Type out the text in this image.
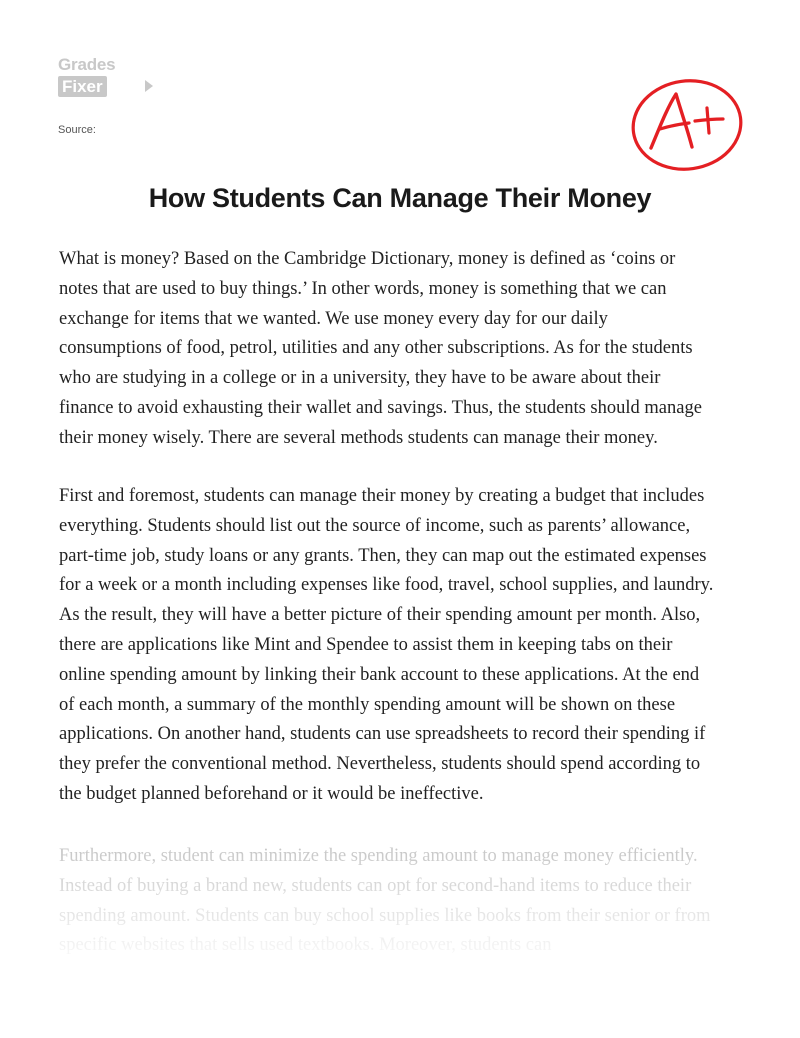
Grades
Fixer
Source:
How Students Can Manage Their Money

What is money? Based on the Cambridge Dictionary, money is defined as ‘coins or
notes that are used to buy things.’ In other words, money is something that we can
exchange for items that we wanted. We use money every day for our daily
consumptions of food, petrol, utilities and any other subscriptions. As for the students
who are studying in a college or in a university, they have to be aware about their
finance to avoid exhausting their wallet and savings. Thus, the students should manage
their money wisely. There are several methods students can manage their money.

First and foremost, students can manage their money by creating a budget that includes
everything. Students should list out the source of income, such as parents’ allowance,
part-time job, study loans or any grants. Then, they can map out the estimated expenses
for a week or a month including expenses like food, travel, school supplies, and laundry.
As the result, they will have a better picture of their spending amount per month. Also,
there are applications like Mint and Spendee to assist them in keeping tabs on their
online spending amount by linking their bank account to these applications. At the end
of each month, a summary of the monthly spending amount will be shown on these
applications. On another hand, students can use spreadsheets to record their spending if
they prefer the conventional method. Nevertheless, students should spend according to
the budget planned beforehand or it would be ineffective.
